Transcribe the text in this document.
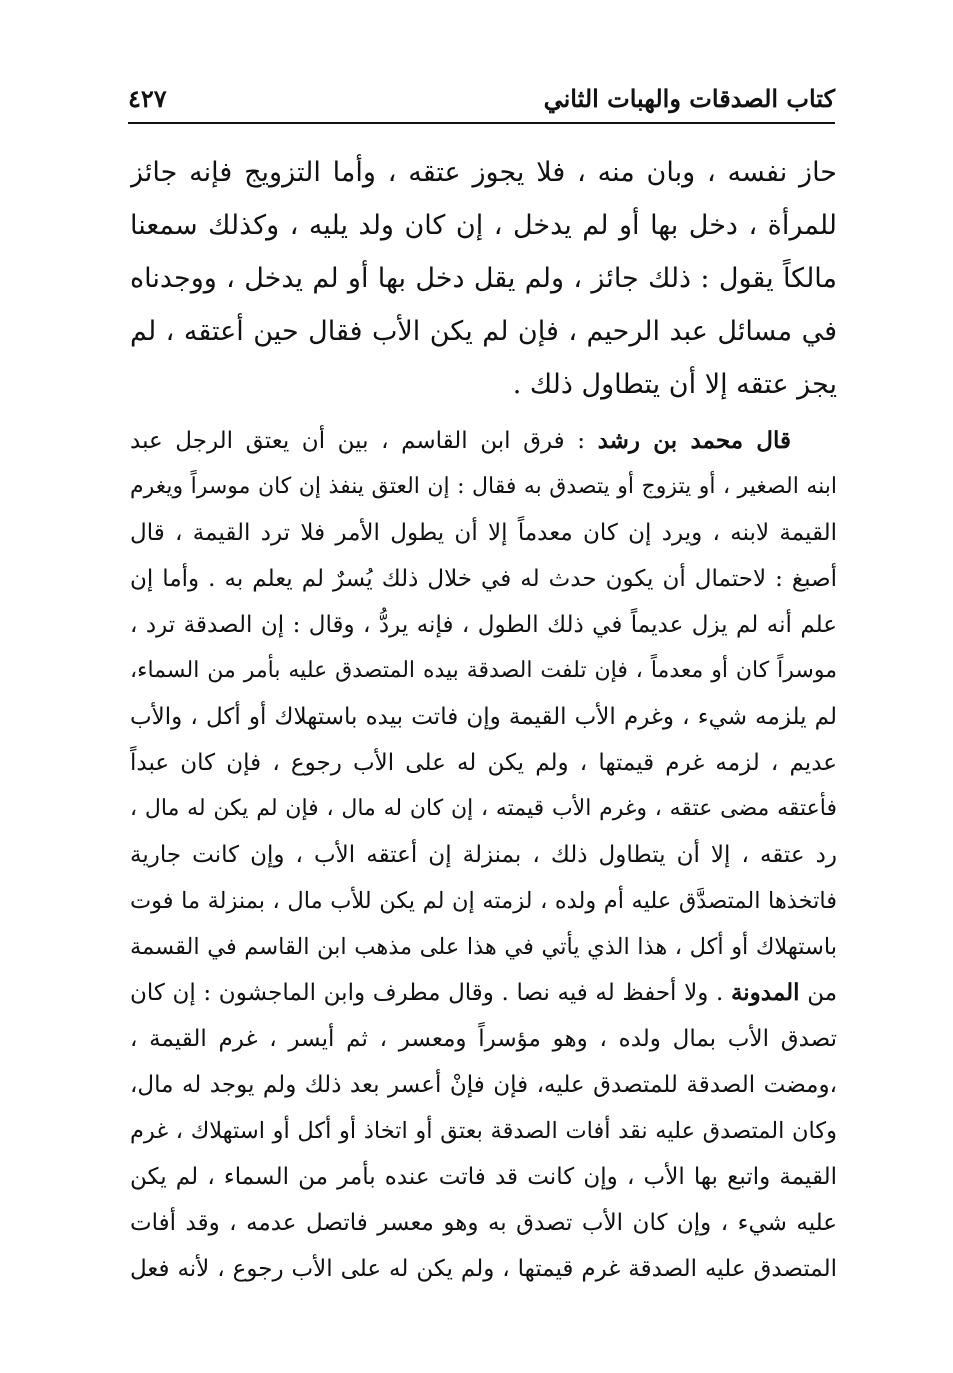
كتاب الصدقات والهبات الثاني
٤٢٧
حاز نفسه ، وبان منه ، فلا يجوز عتقه ، وأما التزويج فإنه جائز
للمرأة ، دخل بها أو لم يدخل ، إن كان ولد يليه ، وكذلك سمعنا
مالكاً يقول : ذلك جائز ، ولم يقل دخل بها أو لم يدخل ، ووجدناه
في مسائل عبد الرحيم ، فإن لم يكن الأب فقال حين أعتقه ، لم
يجز عتقه إلا أن يتطاول ذلك .
قال محمد بن رشد : فرق ابن القاسم ، بين أن يعتق الرجل عبد
ابنه الصغير ، أو يتزوج أو يتصدق به فقال : إن العتق ينفذ إن كان موسراً ويغرم
القيمة لابنه ، ويرد إن كان معدماً إلا أن يطول الأمر فلا ترد القيمة ، قال
أصبغ : لاحتمال أن يكون حدث له في خلال ذلك يُسرٌ لم يعلم به . وأما إن
علم أنه لم يزل عديماً في ذلك الطول ، فإنه يردُّ ، وقال : إن الصدقة ترد ،
موسراً كان أو معدماً ، فإن تلفت الصدقة بيده المتصدق عليه بأمر من السماء،
لم يلزمه شيء ، وغرم الأب القيمة وإن فاتت بيده باستهلاك أو أكل ، والأب
عديم ، لزمه غرم قيمتها ، ولم يكن له على الأب رجوع ، فإن كان عبداً
فأعتقه مضى عتقه ، وغرم الأب قيمته ، إن كان له مال ، فإن لم يكن له مال ،
رد عتقه ، إلا أن يتطاول ذلك ، بمنزلة إن أعتقه الأب ، وإن كانت جارية
فاتخذها المتصدَّق عليه أم ولده ، لزمته إن لم يكن للأب مال ، بمنزلة ما فوت
باستهلاك أو أكل ، هذا الذي يأتي في هذا على مذهب ابن القاسم في القسمة
من المدونة . ولا أحفظ له فيه نصا . وقال مطرف وابن الماجشون : إن كان
تصدق الأب بمال ولده ، وهو مؤسراً ومعسر ، ثم أيسر ، غرم القيمة ،
،ومضت الصدقة للمتصدق عليه، فإن فإنْ أعسر بعد ذلك ولم يوجد له مال،
وكان المتصدق عليه نقد أفات الصدقة بعتق أو اتخاذ أو أكل أو استهلاك ، غرم
القيمة واتبع بها الأب ، وإن كانت قد فاتت عنده بأمر من السماء ، لم يكن
عليه شيء ، وإن كان الأب تصدق به وهو معسر فاتصل عدمه ، وقد أفات
المتصدق عليه الصدقة غرم قيمتها ، ولم يكن له على الأب رجوع ، لأنه فعل
